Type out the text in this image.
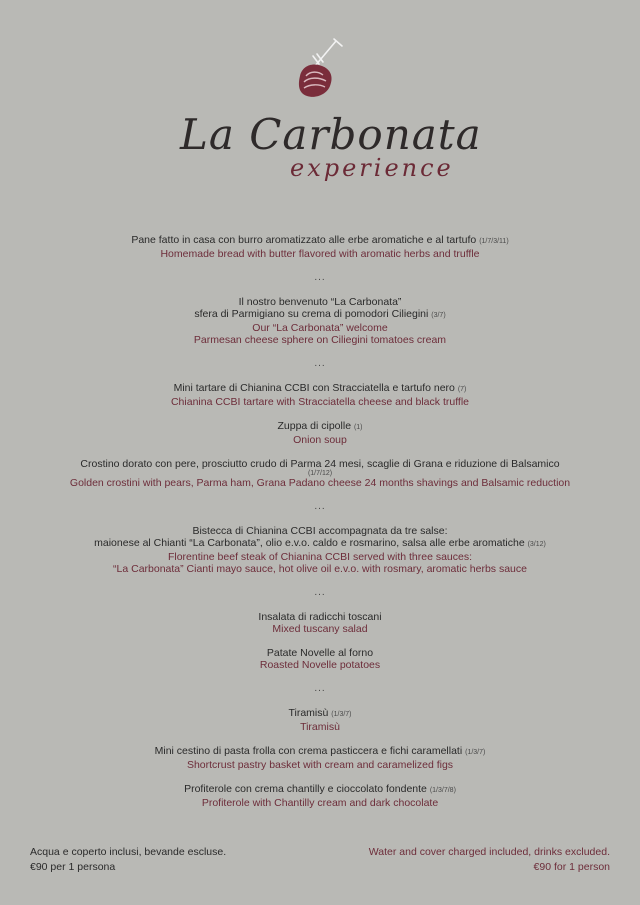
La Carbonata
experience
Pane fatto in casa con burro aromatizzato alle erbe aromatiche e al tartufo (1/7/3/11)
Homemade bread with butter flavored with aromatic herbs and truffle
...
Il nostro benvenuto “La Carbonata”
sfera di Parmigiano su crema di pomodori Ciliegini (3/7)
Our “La Carbonata” welcome
Parmesan cheese sphere on Ciliegini tomatoes cream
...
Mini tartare di Chianina CCBI con Stracciatella e tartufo nero (7)
Chianina CCBI tartare with Stracciatella cheese and black truffle
Zuppa di cipolle (1)
Onion soup
Crostino dorato con pere, prosciutto crudo di Parma 24 mesi, scaglie di Grana e riduzione di Balsamico
(1/7/12)
Golden crostini with pears, Parma ham, Grana Padano cheese 24 months shavings and Balsamic reduction
...
Bistecca di Chianina CCBI accompagnata da tre salse:
maionese al Chianti “La Carbonata”, olio e.v.o. caldo e rosmarino, salsa alle erbe aromatiche (3/12)
Florentine beef steak of Chianina CCBI served with three sauces:
“La Carbonata” Cianti mayo sauce, hot olive oil e.v.o. with rosmary, aromatic herbs sauce
...
Insalata di radicchi toscani
Mixed tuscany salad
Patate Novelle al forno
Roasted Novelle potatoes
...
Tiramisù (1/3/7)
Tiramisù
Mini cestino di pasta frolla con crema pasticcera e fichi caramellati (1/3/7)
Shortcrust pastry basket with cream and caramelized figs
Profiterole con crema chantilly e cioccolato fondente (1/3/7/8)
Profiterole with Chantilly cream and dark chocolate
Acqua e coperto inclusi, bevande escluse.
€90 per 1 persona
Water and cover charged included, drinks excluded.
€90 for 1 person
